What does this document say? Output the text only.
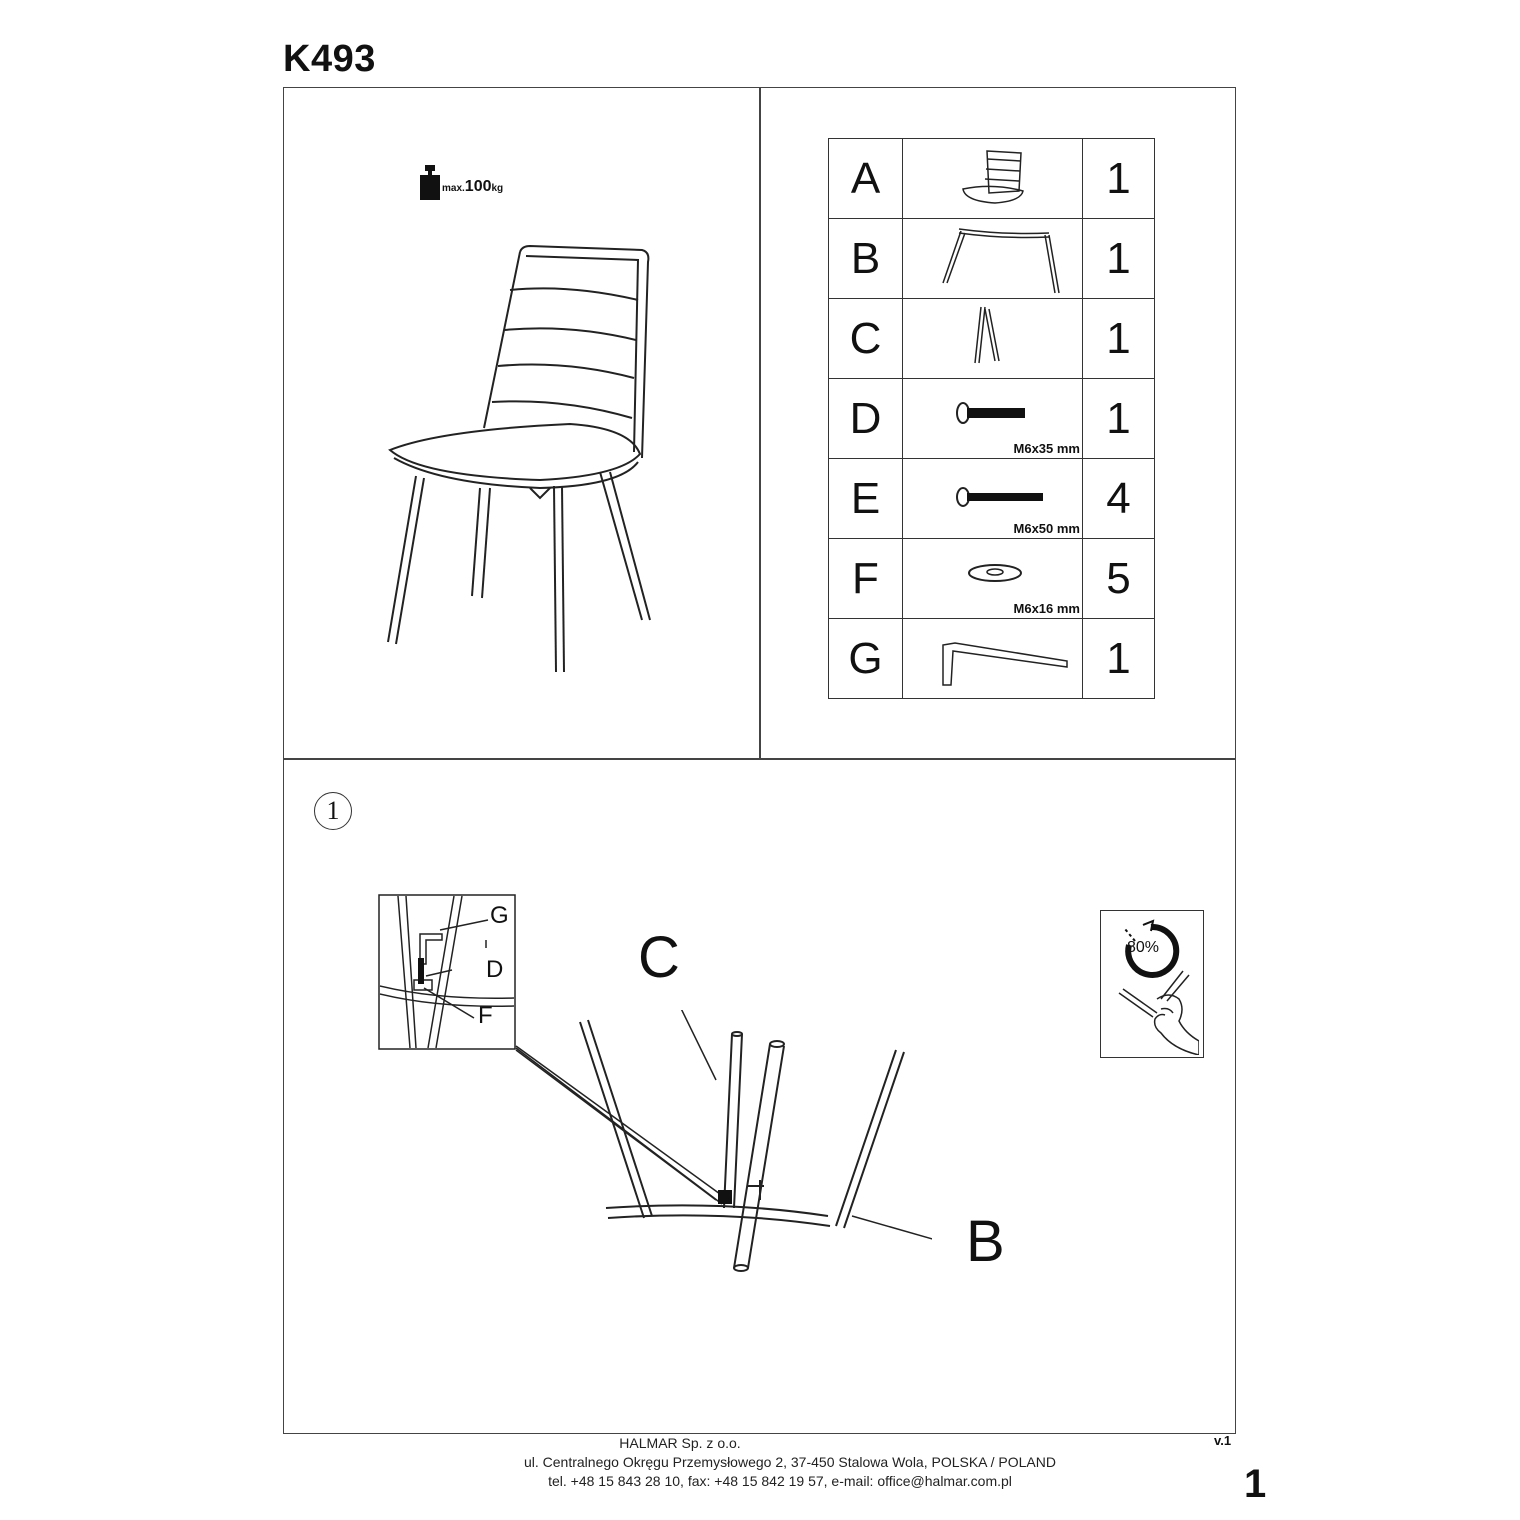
K493
max.100kg	A		1
B		1
C		1
D	M6x35 mm	1
E	M6x50 mm	4
F	M6x16 mm	5
G		1
1
G
D
F
C
B
80%
HALMAR Sp. z o.o.
ul. Centralnego Okręgu Przemysłowego 2, 37-450 Stalowa Wola, POLSKA / POLAND
tel. +48 15 843 28 10, fax: +48 15 842 19 57, e-mail: office@halmar.com.pl
v.1
1
